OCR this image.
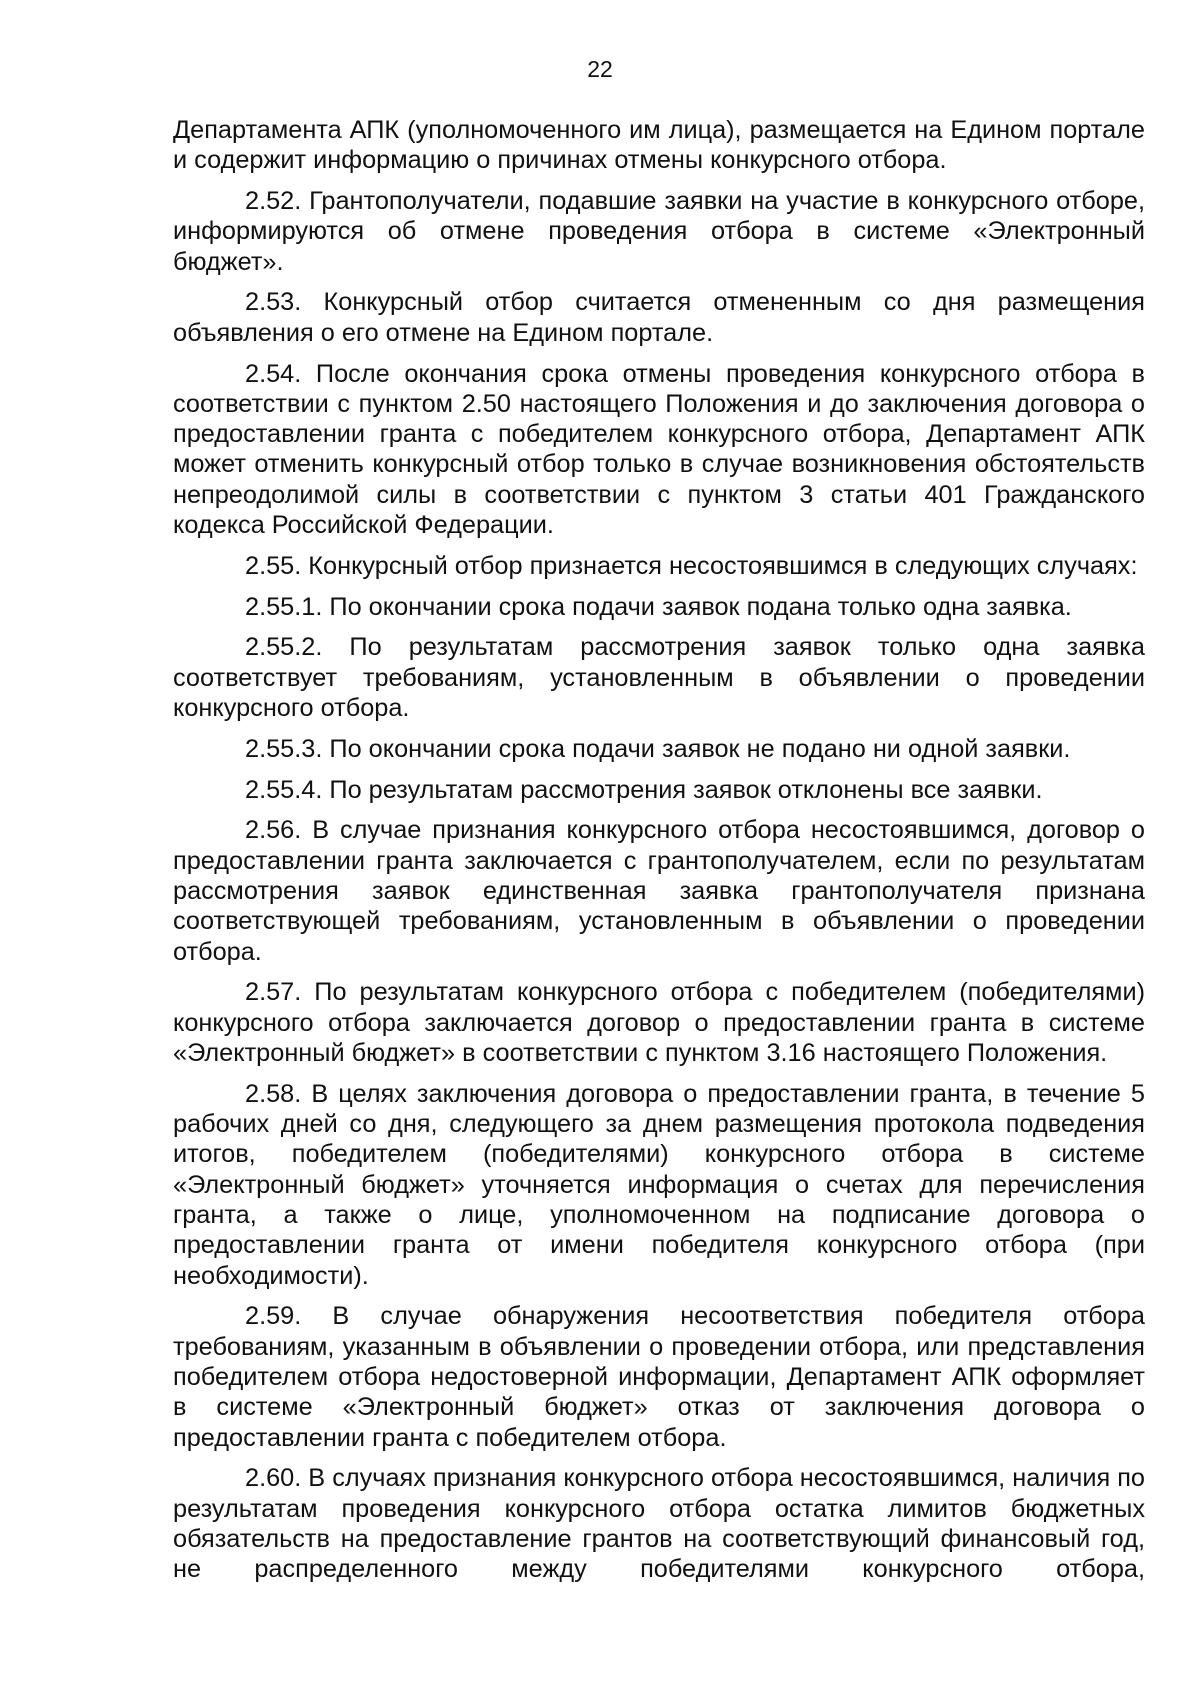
22

Департамента АПК (уполномоченного им лица), размещается на Едином портале и содержит информацию о причинах отмены конкурсного отбора.

2.52. Грантополучатели, подавшие заявки на участие в конкурсного отборе, информируются об отмене проведения отбора в системе «Электронный бюджет».

2.53. Конкурсный отбор считается отмененным со дня размещения объявления о его отмене на Едином портале.

2.54. После окончания срока отмены проведения конкурсного отбора в соответствии с пунктом 2.50 настоящего Положения и до заключения договора о предоставлении гранта с победителем конкурсного отбора, Департамент АПК может отменить конкурсный отбор только в случае возникновения обстоятельств непреодолимой силы в соответствии с пунктом 3 статьи 401 Гражданского кодекса Российской Федерации.

2.55. Конкурсный отбор признается несостоявшимся в следующих случаях:

2.55.1. По окончании срока подачи заявок подана только одна заявка.

2.55.2. По результатам рассмотрения заявок только одна заявка соответствует требованиям, установленным в объявлении о проведении конкурсного отбора.

2.55.3. По окончании срока подачи заявок не подано ни одной заявки.

2.55.4. По результатам рассмотрения заявок отклонены все заявки.

2.56. В случае признания конкурсного отбора несостоявшимся, договор о предоставлении гранта заключается с грантополучателем, если по результатам рассмотрения заявок единственная заявка грантополучателя признана соответствующей требованиям, установленным в объявлении о проведении отбора.

2.57. По результатам конкурсного отбора с победителем (победителями) конкурсного отбора заключается договор о предоставлении гранта в системе «Электронный бюджет» в соответствии с пунктом 3.16 настоящего Положения.

2.58. В целях заключения договора о предоставлении гранта, в течение 5 рабочих дней со дня, следующего за днем размещения протокола подведения итогов, победителем (победителями) конкурсного отбора в системе «Электронный бюджет» уточняется информация о счетах для перечисления гранта, а также о лице, уполномоченном на подписание договора о предоставлении гранта от имени победителя конкурсного отбора (при необходимости).

2.59. В случае обнаружения несоответствия победителя отбора требованиям, указанным в объявлении о проведении отбора, или представления победителем отбора недостоверной информации, Департамент АПК оформляет в системе «Электронный бюджет» отказ от заключения договора о предоставлении гранта с победителем отбора.

2.60. В случаях признания конкурсного отбора несостоявшимся, наличия по результатам проведения конкурсного отбора остатка лимитов бюджетных обязательств на предоставление грантов на соответствующий финансовый год, не распределенного между победителями конкурсного отбора,
